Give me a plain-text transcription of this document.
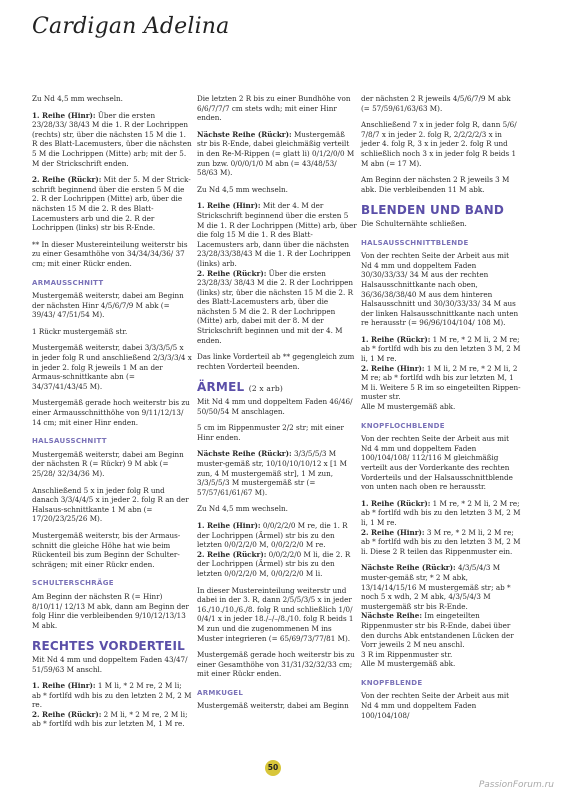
Cardigan Adelina

Zu Nd 4,5 mm wechseln.

1. Reihe (Hinr): Über die ersten 23/28/33/ 38/43 M die 1. R der Lochrippen (rechts) str, über die nächsten 15 M die 1. R des Blatt-Lacemusters, über die nächsten 5 M die Lochrippen (Mitte) arb; mit der 5. M der Strickschrift enden.

2. Reihe (Rückr): Mit der 5. M der Strick-schrift beginnend über die ersten 5 M die 2. R der Lochrippen (Mitte) arb, über die nächsten 15 M die 2. R des Blatt-Lacemusters arb und die 2. R der Lochrippen (links) str bis R-Ende.

** In dieser Mustereinteilung weiterstr bis zu einer Gesamthöhe von 34/34/34/36/ 37 cm; mit einer Rückr enden.

ARMAUSSCHNITT

Mustergemäß weiterstr, dabei am Beginn der nächsten Hinr 4/5/6/7/9 M abk (= 39/43/ 47/51/54 M).

1 Rückr mustergemäß str.

Mustergemäß weiterstr, dabei 3/3/3/5/5 x in jeder folg R und anschließend 2/3/3/3/4 x in jeder 2. folg R jeweils 1 M an der Armaus-schnittkante abn (= 34/37/41/43/45 M).

Mustergemäß gerade hoch weiterstr bis zu einer Armausschnitthöhe von 9/11/12/13/ 14 cm; mit einer Hinr enden.

HALSAUSSCHNITT

Mustergemäß weiterstr, dabei am Beginn der nächsten R (= Rückr) 9 M abk (= 25/28/ 32/34/36 M).

Anschließend 5 x in jeder folg R und danach 3/3/4/4/5 x in jeder 2. folg R an der Halsaus-schnittkante 1 M abn (= 17/20/23/25/26 M).

Mustergemäß weiterstr, bis der Armaus-schnitt die gleiche Höhe hat wie beim Rückenteil bis zum Beginn der Schulter-schrägen; mit einer Rückr enden.

SCHULTERSCHRÄGE

Am Beginn der nächsten R (= Hinr) 8/10/11/ 12/13 M abk, dann am Beginn der folg Hinr die verbleibenden 9/10/12/13/13 M abk.

RECHTES VORDERTEIL

Mit Nd 4 mm und doppeltem Faden 43/47/ 51/59/63 M anschl.

1. Reihe (Hinr): 1 M li, * 2 M re, 2 M li; ab * fortlfd wdh bis zu den letzten 2 M, 2 M re.

2. Reihe (Rückr): 2 M li, * 2 M re, 2 M li; ab * fortlfd wdh bis zur letzten M, 1 M re.

Die letzten 2 R bis zu einer Bundhöhe von 6/6/7/7/7 cm stets wdh; mit einer Hinr enden.

Nächste Reihe (Rückr): Mustergemäß str bis R-Ende, dabei gleichmäßig verteilt in den Re-M-Rippen (= glatt li) 0/1/2/0/0 M zun bzw. 0/0/0/1/0 M abn (= 43/48/53/ 58/63 M).

Zu Nd 4,5 mm wechseln.

1. Reihe (Hinr): Mit der 4. M der Strickschrift beginnend über die ersten 5 M die 1. R der Lochrippen (Mitte) arb, über die folg 15 M die 1. R des Blatt-Lacemusters arb, dann über die nächsten 23/28/33/38/43 M die 1. R der Lochrippen (links) arb.

2. Reihe (Rückr): Über die ersten 23/28/33/ 38/43 M die 2. R der Lochrippen (links) str, über die nächsten 15 M die 2. R des Blatt-Lacemusters arb, über die nächsten 5 M die 2. R der Lochrippen (Mitte) arb, dabei mit der 8. M der Strickschrift beginnen und mit der 4. M enden.

Das linke Vorderteil ab ** gegengleich zum rechten Vorderteil beenden.

ÄRMEL (2 x arb)

Mit Nd 4 mm und doppeltem Faden 46/46/ 50/50/54 M anschlagen.

5 cm im Rippenmuster 2/2 str; mit einer Hinr enden.

Nächste Reihe (Rückr): 3/3/5/5/3 M muster-gemäß str, 10/10/10/10/12 x [1 M zun, 4 M mustergemäß str], 1 M zun, 3/3/5/5/3 M mustergemäß str (= 57/57/61/61/67 M).

Zu Nd 4,5 mm wechseln.

1. Reihe (Hinr): 0/0/2/2/0 M re, die 1. R der Lochrippen (Ärmel) str bis zu den letzten 0/0/2/2/0 M, 0/0/2/2/0 M re.

2. Reihe (Rückr): 0/0/2/2/0 M li, die 2. R der Lochrippen (Ärmel) str bis zu den letzten 0/0/2/2/0 M, 0/0/2/2/0 M li.

In dieser Mustereinteilung weiterstr und dabei in der 3. R, dann 2/5/5/3/5 x in jeder 16./10./10./6./8. folg R und schließlich 1/0/ 0/4/1 x in jeder 18./–/–/8./10. folg R beids 1 M zun und die zugenommenen M ins Muster integrieren (= 65/69/73/77/81 M).

Mustergemäß gerade hoch weiterstr bis zu einer Gesamthöhe von 31/31/32/32/33 cm; mit einer Rückr enden.

ARMKUGEL

Mustergemäß weiterstr, dabei am Beginn

der nächsten 2 R jeweils 4/5/6/7/9 M abk (= 57/59/61/63/63 M).

Anschließend 7 x in jeder folg R, dann 5/6/ 7/8/7 x in jeder 2. folg R, 2/2/2/2/3 x in jeder 4. folg R, 3 x in jeder 2. folg R und schließlich noch 3 x in jeder folg R beids 1 M abn (= 17 M).

Am Beginn der nächsten 2 R jeweils 3 M abk. Die verbleibenden 11 M abk.

BLENDEN UND BAND

Die Schulternähte schließen.

HALSAUSSCHNITTBLENDE

Von der rechten Seite der Arbeit aus mit Nd 4 mm und doppeltem Faden 30/30/33/33/ 34 M aus der rechten Halsausschnittkante nach oben, 36/36/38/38/40 M aus dem hinteren Halsausschnitt und 30/30/33/33/ 34 M aus der linken Halsausschnittkante nach unten re herausstr (= 96/96/104/104/ 108 M).

1. Reihe (Rückr): 1 M re, * 2 M li, 2 M re; ab * fortlfd wdh bis zu den letzten 3 M, 2 M li, 1 M re.

2. Reihe (Hinr): 1 M li, 2 M re, * 2 M li, 2 M re; ab * fortlfd wdh bis zur letzten M, 1 M li. Weitere 5 R im so eingeteilten Rippen-muster str.

Alle M mustergemäß abk.

KNOPFLOCHBLENDE

Von der rechten Seite der Arbeit aus mit Nd 4 mm und doppeltem Faden 100/104/108/ 112/116 M gleichmäßig verteilt aus der Vorderkante des rechten Vorderteils und der Halsausschnittblende von unten nach oben re herausstr.

1. Reihe (Rückr): 1 M re, * 2 M li, 2 M re; ab * fortlfd wdh bis zu den letzten 3 M, 2 M li, 1 M re.

2. Reihe (Hinr): 3 M re, * 2 M li, 2 M re; ab * fortlfd wdh bis zu den letzten 3 M, 2 M li. Diese 2 R teilen das Rippenmuster ein.

Nächste Reihe (Rückr): 4/3/5/4/3 M muster-gemäß str, * 2 M abk, 13/14/14/15/16 M mustergemäß str; ab * noch 5 x wdh, 2 M abk, 4/3/5/4/3 M mustergemäß str bis R-Ende.

Nächste Reihe: Im eingeteilten Rippenmuster str bis R-Ende, dabei über den durchs Abk entstandenen Lücken der Vorr jeweils 2 M neu anschl.

3 R im Rippenmuster str.

Alle M mustergemäß abk.

KNOPFBLENDE

Von der rechten Seite der Arbeit aus mit Nd 4 mm und doppeltem Faden 100/104/108/

50
PassionForum.ru
